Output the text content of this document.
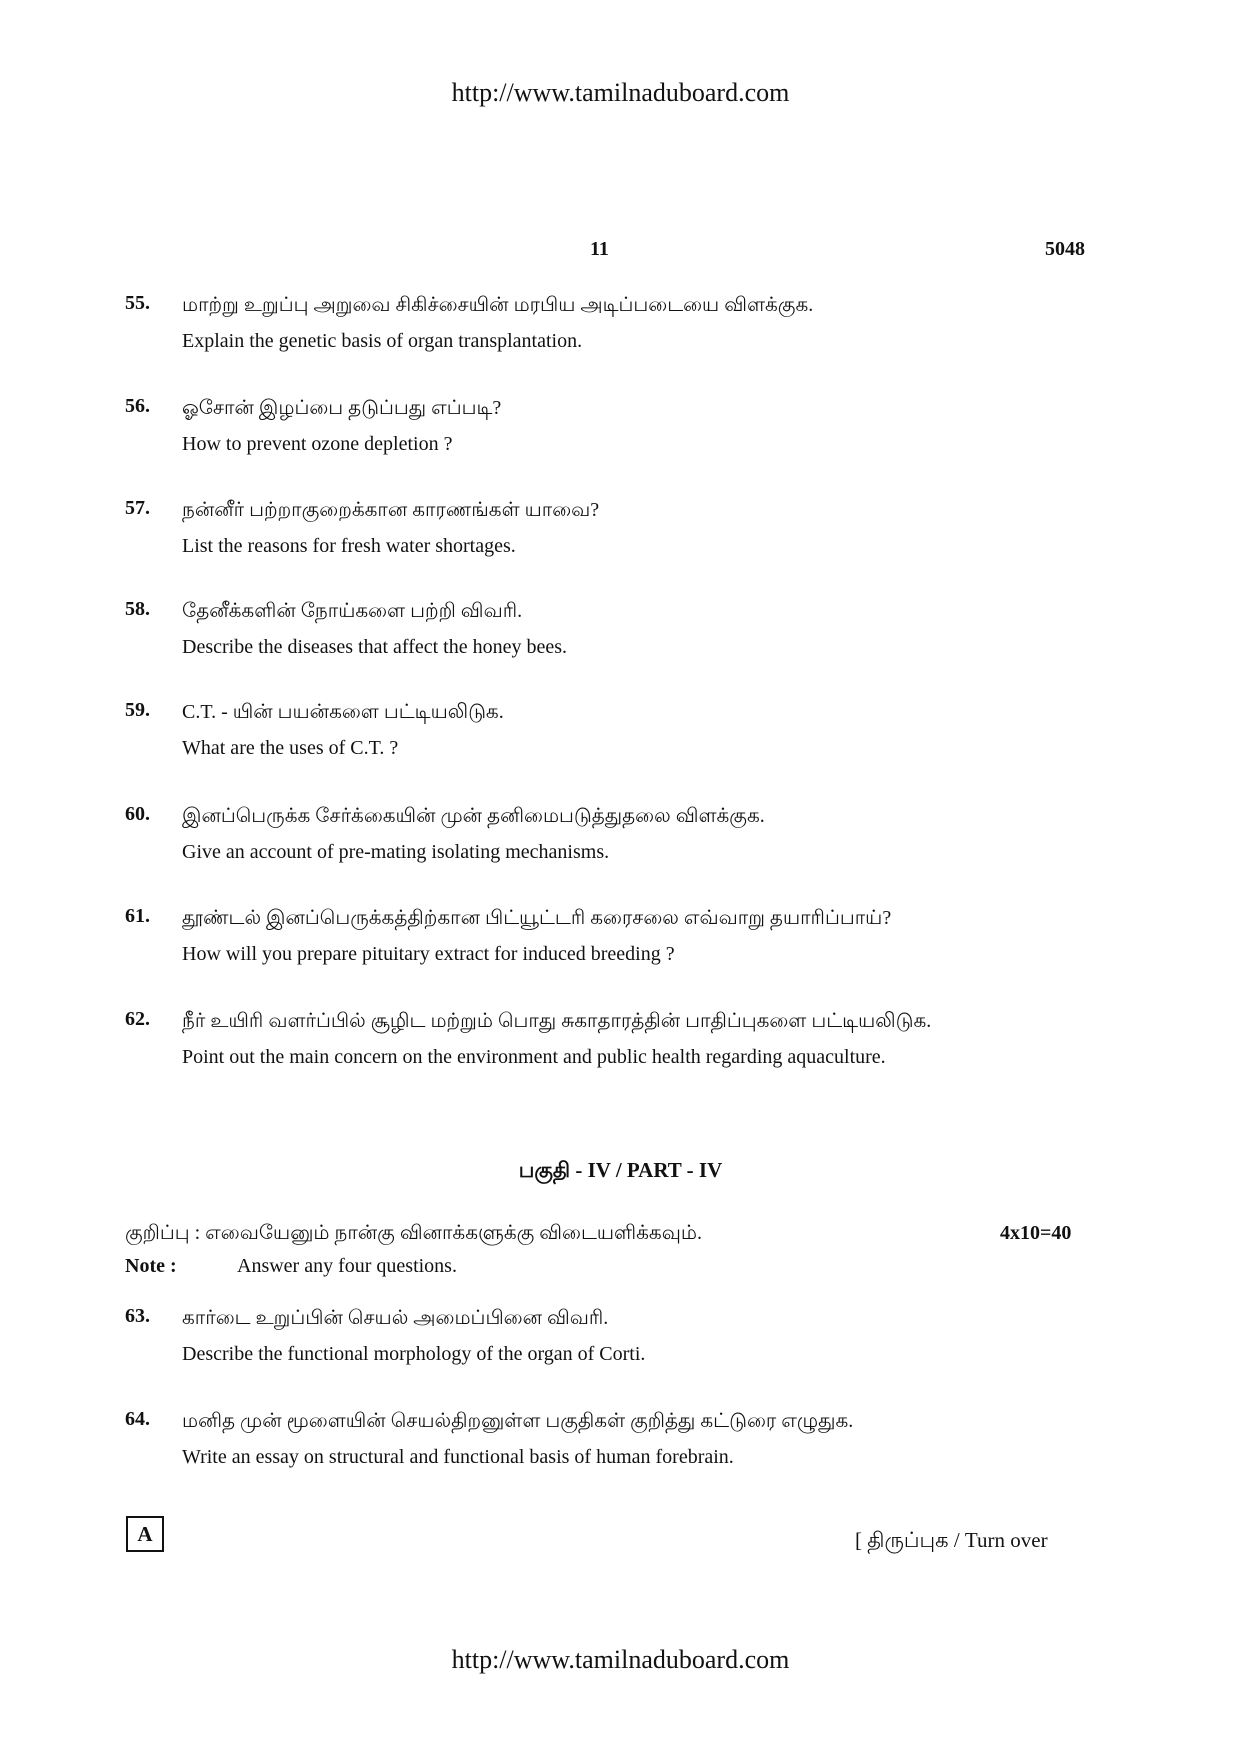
http://www.tamilnaduboard.com
11	5048
55. மாற்று உறுப்பு அறுவை சிகிச்சையின் மரபிய அடிப்படையை விளக்குக.
Explain the genetic basis of organ transplantation.
56. ஓசோன் இழப்பை தடுப்பது எப்படி?
How to prevent ozone depletion ?
57. நன்னீர் பற்றாகுறைக்கான காரணங்கள் யாவை?
List the reasons for fresh water shortages.
58. தேனீக்களின் நோய்களை பற்றி விவரி.
Describe the diseases that affect the honey bees.
59. C.T. - யின் பயன்களை பட்டியலிடுக.
What are the uses of C.T. ?
60. இனப்பெருக்க சேர்க்கையின் முன் தனிமைபடுத்துதலை விளக்குக.
Give an account of pre-mating isolating mechanisms.
61. தூண்டல் இனப்பெருக்கத்திற்கான பிட்யூட்டரி கரைசலை எவ்வாறு தயாரிப்பாய்?
How will you prepare pituitary extract for induced breeding ?
62. நீர் உயிரி வளர்ப்பில் சூழிட மற்றும் பொது சுகாதாரத்தின் பாதிப்புகளை பட்டியலிடுக.
Point out the main concern on the environment and public health regarding aquaculture.
பகுதி - IV / PART - IV
குறிப்பு : எவையேனும் நான்கு வினாக்களுக்கு விடையளிக்கவும்.	4x10=40
Note :	Answer any four questions.
63. கார்டை உறுப்பின் செயல் அமைப்பினை விவரி.
Describe the functional morphology of the organ of Corti.
64. மனித முன் மூளையின் செயல்திறனுள்ள பகுதிகள் குறித்து கட்டுரை எழுதுக.
Write an essay on structural and functional basis of human forebrain.
A	[ திருப்புக / Turn over
http://www.tamilnaduboard.com
